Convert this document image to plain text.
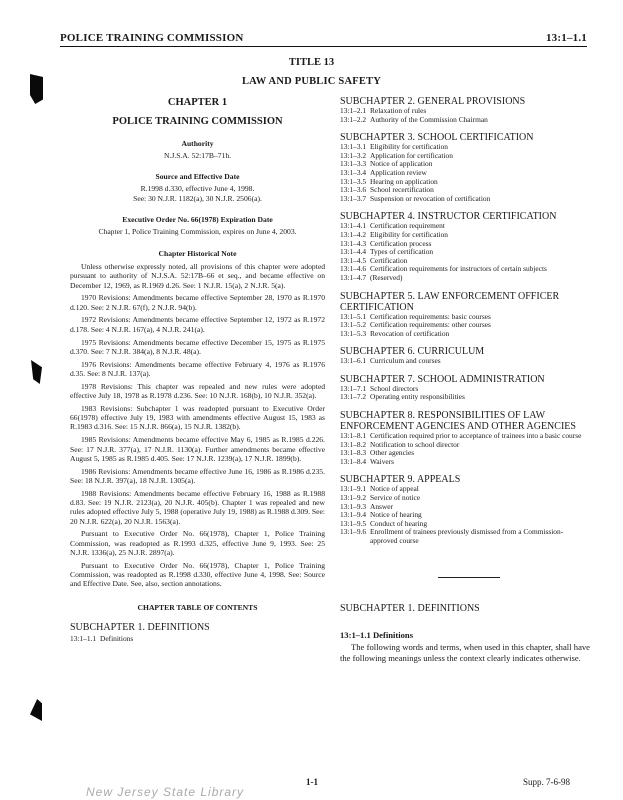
POLICE TRAINING COMMISSION	13:1–1.1
TITLE 13
LAW AND PUBLIC SAFETY
CHAPTER 1
POLICE TRAINING COMMISSION
Authority
N.J.S.A. 52:17B–71h.
Source and Effective Date
R.1998 d.330, effective June 4, 1998.
See: 30 N.J.R. 1182(a), 30 N.J.R. 2506(a).
Executive Order No. 66(1978) Expiration Date
Chapter 1, Police Training Commission, expires on June 4, 2003.
Chapter Historical Note

Unless otherwise expressly noted, all provisions of this chapter were adopted pursuant to authority of N.J.S.A. 52:17B–66 et seq., and became effective on December 12, 1969, as R.1969 d.26. See: 1 N.J.R. 15(a), 2 N.J.R. 5(a).

1970 Revisions: Amendments became effective September 28, 1970 as R.1970 d.120. See: 2 N.J.R. 67(f), 2 N.J.R. 94(b).

1972 Revisions: Amendments became effective September 12, 1972 as R.1972 d.178. See: 4 N.J.R. 167(a), 4 N.J.R. 241(a).

1975 Revisions: Amendments became effective December 15, 1975 as R.1975 d.370. See: 7 N.J.R. 384(a), 8 N.J.R. 48(a).

1976 Revisions: Amendments became effective February 4, 1976 as R.1976 d.35. See: 8 N.J.R. 137(a).

1978 Revisions: This chapter was repealed and new rules were adopted effective July 18, 1978 as R.1978 d.236. See: 10 N.J.R. 168(b), 10 N.J.R. 352(a).

1983 Revisions: Subchapter 1 was readopted pursuant to Executive Order 66(1978) effective July 19, 1983 with amendments effective August 15, 1983 as R.1983 d.316. See: 15 N.J.R. 866(a), 15 N.J.R. 1382(b).

1985 Revisions: Amendments became effective May 6, 1985 as R.1985 d.226. See: 17 N.J.R. 377(a), 17 N.J.R. 1130(a). Further amendments became effective August 5, 1985 as R.1985 d.405. See: 17 N.J.R. 1239(a), 17 N.J.R. 1899(b).

1986 Revisions: Amendments became effective June 16, 1986 as R.1986 d.235. See: 18 N.J.R. 397(a), 18 N.J.R. 1305(a).

1988 Revisions: Amendments became effective February 16, 1988 as R.1988 d.83. See: 19 N.J.R. 2123(a), 20 N.J.R. 405(b). Chapter 1 was repealed and new rules adopted effective July 5, 1988 (operative July 19, 1988) as R.1988 d.309. See: 20 N.J.R. 622(a), 20 N.J.R. 1563(a).

Pursuant to Executive Order No. 66(1978), Chapter 1, Police Training Commission, was readopted as R.1993 d.325, effective June 9, 1993. See: 25 N.J.R. 1336(a), 25 N.J.R. 2897(a).

Pursuant to Executive Order No. 66(1978), Chapter 1, Police Training Commission, was readopted as R.1998 d.330, effective June 4, 1998. See: Source and Effective Date. See, also, section annotations.

CHAPTER TABLE OF CONTENTS
SUBCHAPTER 1. DEFINITIONS
13:1–1.1 Definitions
SUBCHAPTER 2. GENERAL PROVISIONS
13:1–2.1 Relaxation of rules
13:1–2.2 Authority of the Commission Chairman
SUBCHAPTER 3. SCHOOL CERTIFICATION
13:1–3.1 Eligibility for certification
13:1–3.2 Application for certification
13:1–3.3 Notice of application
13:1–3.4 Application review
13:1–3.5 Hearing on application
13:1–3.6 School recertification
13:1–3.7 Suspension or revocation of certification
SUBCHAPTER 4. INSTRUCTOR CERTIFICATION
13:1–4.1 Certification requirement
13:1–4.2 Eligibility for certification
13:1–4.3 Certification process
13:1–4.4 Types of certification
13:1–4.5 Certification
13:1–4.6 Certification requirements for instructors of certain subjects
13:1–4.7 (Reserved)
SUBCHAPTER 5. LAW ENFORCEMENT OFFICER CERTIFICATION
13:1–5.1 Certification requirements: basic courses
13:1–5.2 Certification requirements: other courses
13:1–5.3 Revocation of certification
SUBCHAPTER 6. CURRICULUM
13:1–6.1 Curriculum and courses
SUBCHAPTER 7. SCHOOL ADMINISTRATION
13:1–7.1 School directors
13:1–7.2 Operating entity responsibilities
SUBCHAPTER 8. RESPONSIBILITIES OF LAW ENFORCEMENT AGENCIES AND OTHER AGENCIES
13:1–8.1 Certification required prior to acceptance of trainees into a basic course
13:1–8.2 Notification to school director
13:1–8.3 Other agencies
13:1–8.4 Waivers
SUBCHAPTER 9. APPEALS
13:1–9.1 Notice of appeal
13:1–9.2 Service of notice
13:1–9.3 Answer
13:1–9.4 Notice of hearing
13:1–9.5 Conduct of hearing
13:1–9.6 Enrollment of trainees previously dismissed from a Commission-approved course
SUBCHAPTER 1. DEFINITIONS
13:1–1.1 Definitions
The following words and terms, when used in this chapter, shall have the following meanings unless the context clearly indicates otherwise.
1-1	Supp. 7-6-98
New Jersey State Library
